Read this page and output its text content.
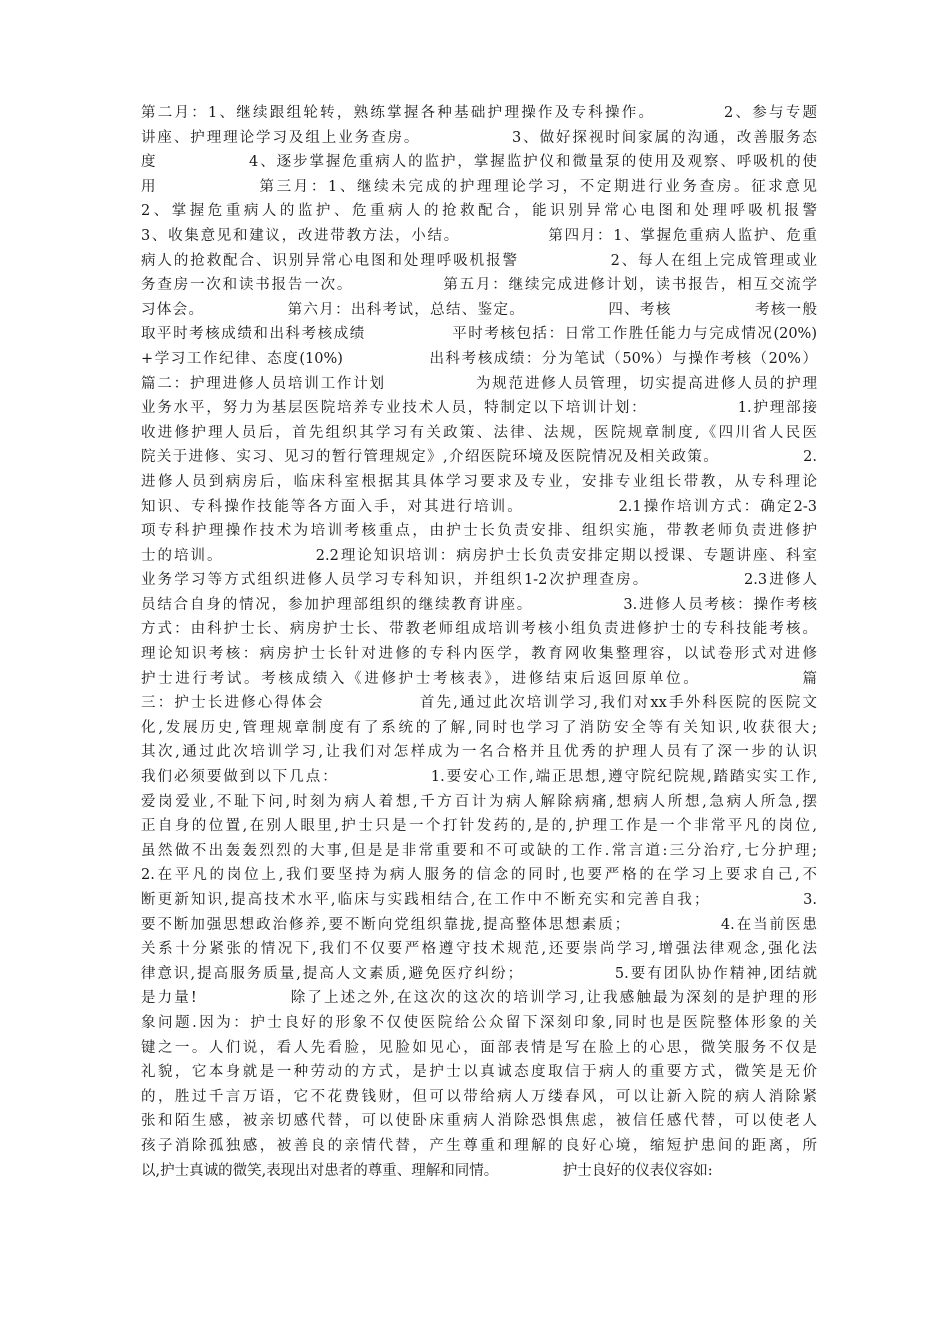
第二月：1、继续跟组轮转，熟练掌握各种基础护理操作及专科操作。          2、参与专题
讲座、护理理论学习及组上业务查房。              3、做好探视时间家属的沟通，改善服务态
度              4、逐步掌握危重病人的监护，掌握监护仪和微量泵的使用及观察、呼吸机的使
用              第三月：1、继续未完成的护理理论学习，不定期进行业务查房。征求意见
2、掌握危重病人的监护、危重病人的抢救配合，能识别异常心电图和处理呼吸机报警
3、收集意见和建议，改进带教方法，小结。              第四月：1、掌握危重病人监护、危重
病人的抢救配合、识别异常心电图和处理呼吸机报警              2、每人在组上完成管理或业
务查房一次和读书报告一次。              第五月：继续完成进修计划，读书报告，相互交流学
习体会。              第六月：出科考试，总结、鉴定。              四、考核              考核一般
取平时考核成绩和出科考核成绩              平时考核包括：日常工作胜任能力与完成情况(20%)
+学习工作纪律、态度(10%)              出科考核成绩：分为笔试（50%）与操作考核（20%）
篇二：护理进修人员培训工作计划              为规范进修人员管理，切实提高进修人员的护理
业务水平，努力为基层医院培养专业技术人员，特制定以下培训计划：              1.护理部接
收进修护理人员后，首先组织其学习有关政策、法律、法规，医院规章制度,《四川省人民医
院关于进修、实习、见习的暂行管理规定》,介绍医院环境及医院情况及相关政策。              2.
进修人员到病房后，临床科室根据其具体学习要求及专业，安排专业组长带教，从专科理论
知识、专科操作技能等各方面入手，对其进行培训。              2.1操作培训方式：确定2-3
项专科护理操作技术为培训考核重点，由护士长负责安排、组织实施，带教老师负责进修护
士的培训。              2.2理论知识培训：病房护士长负责安排定期以授课、专题讲座、科室
业务学习等方式组织进修人员学习专科知识，并组织1-2次护理查房。              2.3进修人
员结合自身的情况，参加护理部组织的继续教育讲座。              3.进修人员考核：操作考核
方式：由科护士长、病房护士长、带教老师组成培训考核小组负责进修护士的专科技能考核。
理论知识考核：病房护士长针对进修的专科内医学，教育网收集整理容，以试卷形式对进修
护士进行考试。考核成绩入《进修护士考核表》，进修结束后返回原单位。              篇
三：护士长进修心得体会              首先,通过此次培训学习,我们对xx手外科医院的医院文
化,发展历史,管理规章制度有了系统的了解,同时也学习了消防安全等有关知识,收获很大;
其次,通过此次培训学习,让我们对怎样成为一名合格并且优秀的护理人员有了深一步的认识
我们必须要做到以下几点：              1.要安心工作,端正思想,遵守院纪院规,踏踏实实工作,
爱岗爱业,不耻下问,时刻为病人着想,千方百计为病人解除病痛,想病人所想,急病人所急,摆
正自身的位置,在别人眼里,护士只是一个打针发药的,是的,护理工作是一个非常平凡的岗位,
虽然做不出轰轰烈烈的大事,但是是非常重要和不可或缺的工作.常言道:三分治疗,七分护理;
2.在平凡的岗位上,我们要坚持为病人服务的信念的同时,也要严格的在学习上要求自己,不
断更新知识,提高技术水平,临床与实践相结合,在工作中不断充实和完善自我；              3.
要不断加强思想政治修养,要不断向党组织靠拢,提高整体思想素质；              4.在当前医患
关系十分紧张的情况下,我们不仅要严格遵守技术规范,还要崇尚学习,增强法律观念,强化法
律意识,提高服务质量,提高人文素质,避免医疗纠纷；              5.要有团队协作精神,团结就
是力量!              除了上述之外,在这次的这次的培训学习,让我感触最为深刻的是护理的形
象问题.因为：护士良好的形象不仅使医院给公众留下深刻印象,同时也是医院整体形象的关
键之一。人们说，看人先看脸，见脸如见心，面部表情是写在脸上的心思，微笑服务不仅是
礼貌，它本身就是一种劳动的方式，是护士以真诚态度取信于病人的重要方式，微笑是无价
的，胜过千言万语，它不花费钱财，但可以带给病人万缕春风，可以让新入院的病人消除紧
张和陌生感，被亲切感代替，可以使卧床重病人消除恐惧焦虑，被信任感代替，可以使老人
孩子消除孤独感，被善良的亲情代替，产生尊重和理解的良好心境，缩短护患间的距离，所
以,护士真诚的微笑,表现出对患者的尊重、理解和同情。              护士良好的仪表仪容如:
